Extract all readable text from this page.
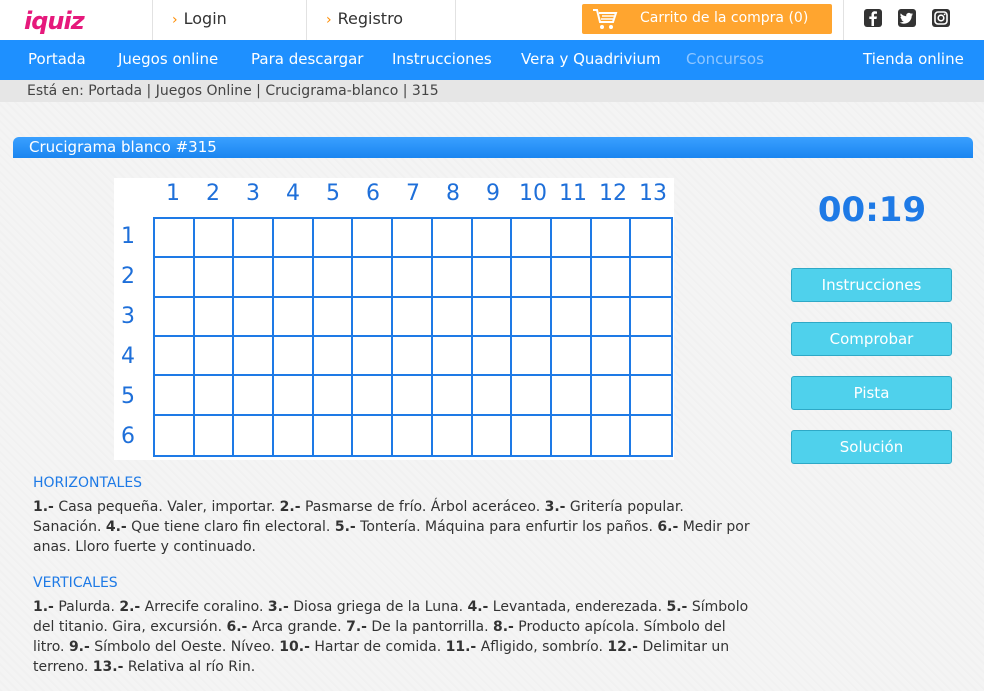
iquiz	› Login	› Registro	Carrito de la compra (0)
Portada Juegos online Para descargar Instrucciones Vera y Quadrivium Concursos	Tienda online
Está en: Portada | Juegos Online | Crucigrama-blanco | 315
Crucigrama blanco #315
1	2	3	4	5	6	7	8	9 10 11 12 13
1
2
3
4
5
6
00:19
Instrucciones
Comprobar
Pista
Solución
HORIZONTALES
1.- Casa pequeña. Valer, importar. 2.- Pasmarse de frío. Árbol aceráceo. 3.- Gritería popular. Sanación. 4.- Que tiene claro fin electoral. 5.- Tontería. Máquina para enfurtir los paños. 6.- Medir por anas. Lloro fuerte y continuado.
VERTICALES
1.- Palurda. 2.- Arrecife coralino. 3.- Diosa griega de la Luna. 4.- Levantada, enderezada. 5.- Símbolo del titanio. Gira, excursión. 6.- Arca grande. 7.- De la pantorrilla. 8.- Producto apícola. Símbolo del litro. 9.- Símbolo del Oeste. Níveo. 10.- Hartar de comida. 11.- Afligido, sombrío. 12.- Delimitar un terreno. 13.- Relativa al río Rin.
